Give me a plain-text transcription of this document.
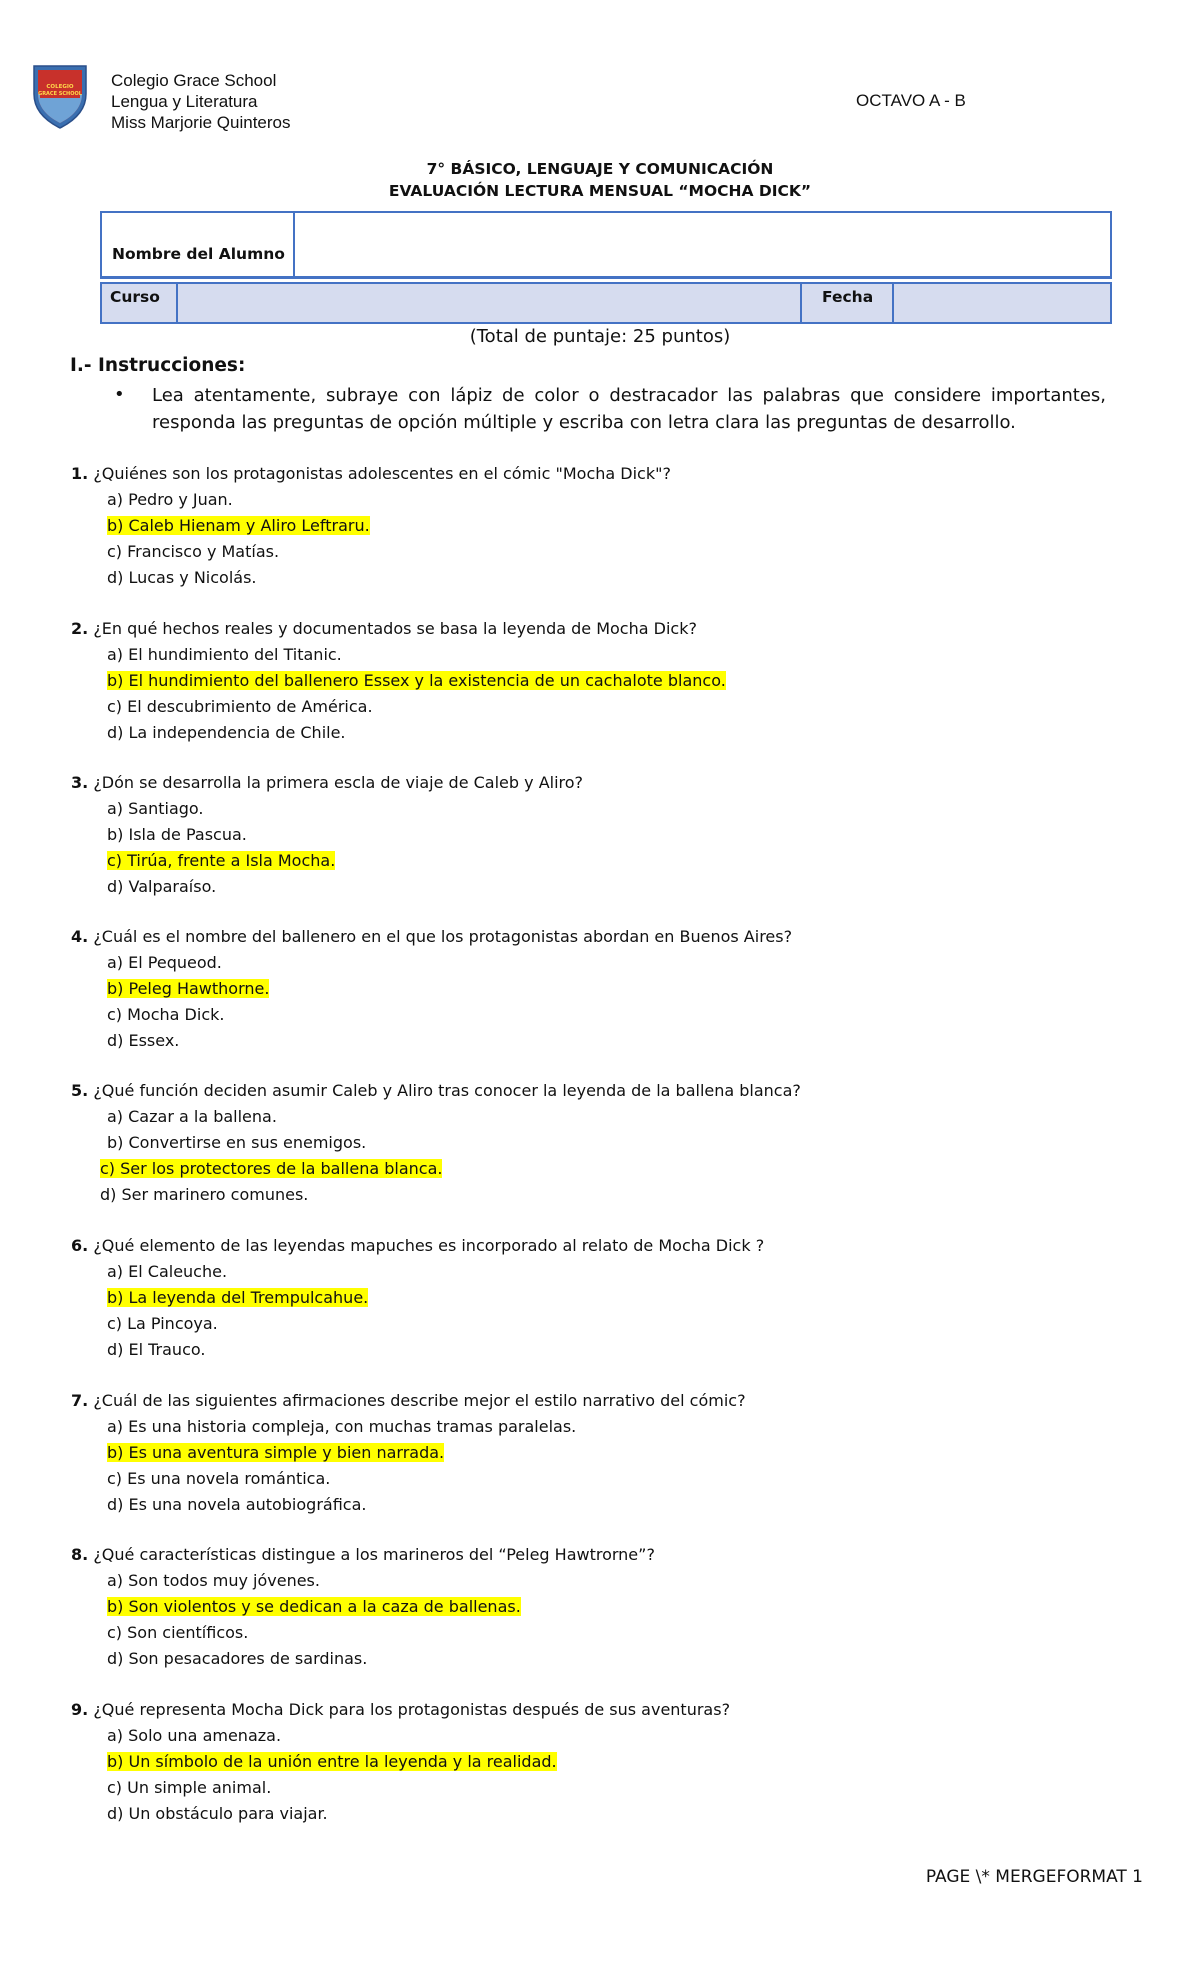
COLEGIO
GRACE SCHOOL
Colegio Grace School
Lengua y Literatura
Miss Marjorie Quinteros
OCTAVO A - B
7° BÁSICO, LENGUAJE Y COMUNICACIÓN
EVALUACIÓN LECTURA MENSUAL “MOCHA DICK”
Nombre del Alumno
Curso	Fecha
(Total de puntaje: 25 puntos)
I.- Instrucciones:
• Lea atentamente, subraye con lápiz de color o destracador las palabras que considere importantes, responda las preguntas de opción múltiple y escriba con letra clara las preguntas de desarrollo.
1. ¿Quiénes son los protagonistas adolescentes en el cómic "Mocha Dick"?
a) Pedro y Juan.
b) Caleb Hienam y Aliro Leftraru.
c) Francisco y Matías.
d) Lucas y Nicolás.
2. ¿En qué hechos reales y documentados se basa la leyenda de Mocha Dick?
a) El hundimiento del Titanic.
b) El hundimiento del ballenero Essex y la existencia de un cachalote blanco.
c) El descubrimiento de América.
d) La independencia de Chile.
3. ¿Dón se desarrolla la primera escla de viaje de Caleb y Aliro?
a) Santiago.
b) Isla de Pascua.
c) Tirúa, frente a Isla Mocha.
d) Valparaíso.
4. ¿Cuál es el nombre del ballenero en el que los protagonistas abordan en Buenos Aires?
a) El Pequeod.
b) Peleg Hawthorne.
c) Mocha Dick.
d) Essex.
5. ¿Qué función deciden asumir Caleb y Aliro tras conocer la leyenda de la ballena blanca?
a) Cazar a la ballena.
b) Convertirse en sus enemigos.
c) Ser los protectores de la ballena blanca.
d) Ser marinero comunes.
6. ¿Qué elemento de las leyendas mapuches es incorporado al relato de Mocha Dick ?
a) El Caleuche.
b) La leyenda del Trempulcahue.
c) La Pincoya.
d) El Trauco.
7. ¿Cuál de las siguientes afirmaciones describe mejor el estilo narrativo del cómic?
a) Es una historia compleja, con muchas tramas paralelas.
b) Es una aventura simple y bien narrada.
c) Es una novela romántica.
d) Es una novela autobiográfica.
8. ¿Qué características distingue a los marineros del “Peleg Hawtrorne”?
a) Son todos muy jóvenes.
b) Son violentos y se dedican a la caza de ballenas.
c) Son científicos.
d) Son pesacadores de sardinas.
9. ¿Qué representa Mocha Dick para los protagonistas después de sus aventuras?
a) Solo una amenaza.
b) Un símbolo de la unión entre la leyenda y la realidad.
c) Un simple animal.
d) Un obstáculo para viajar.
PAGE \* MERGEFORMAT 1
